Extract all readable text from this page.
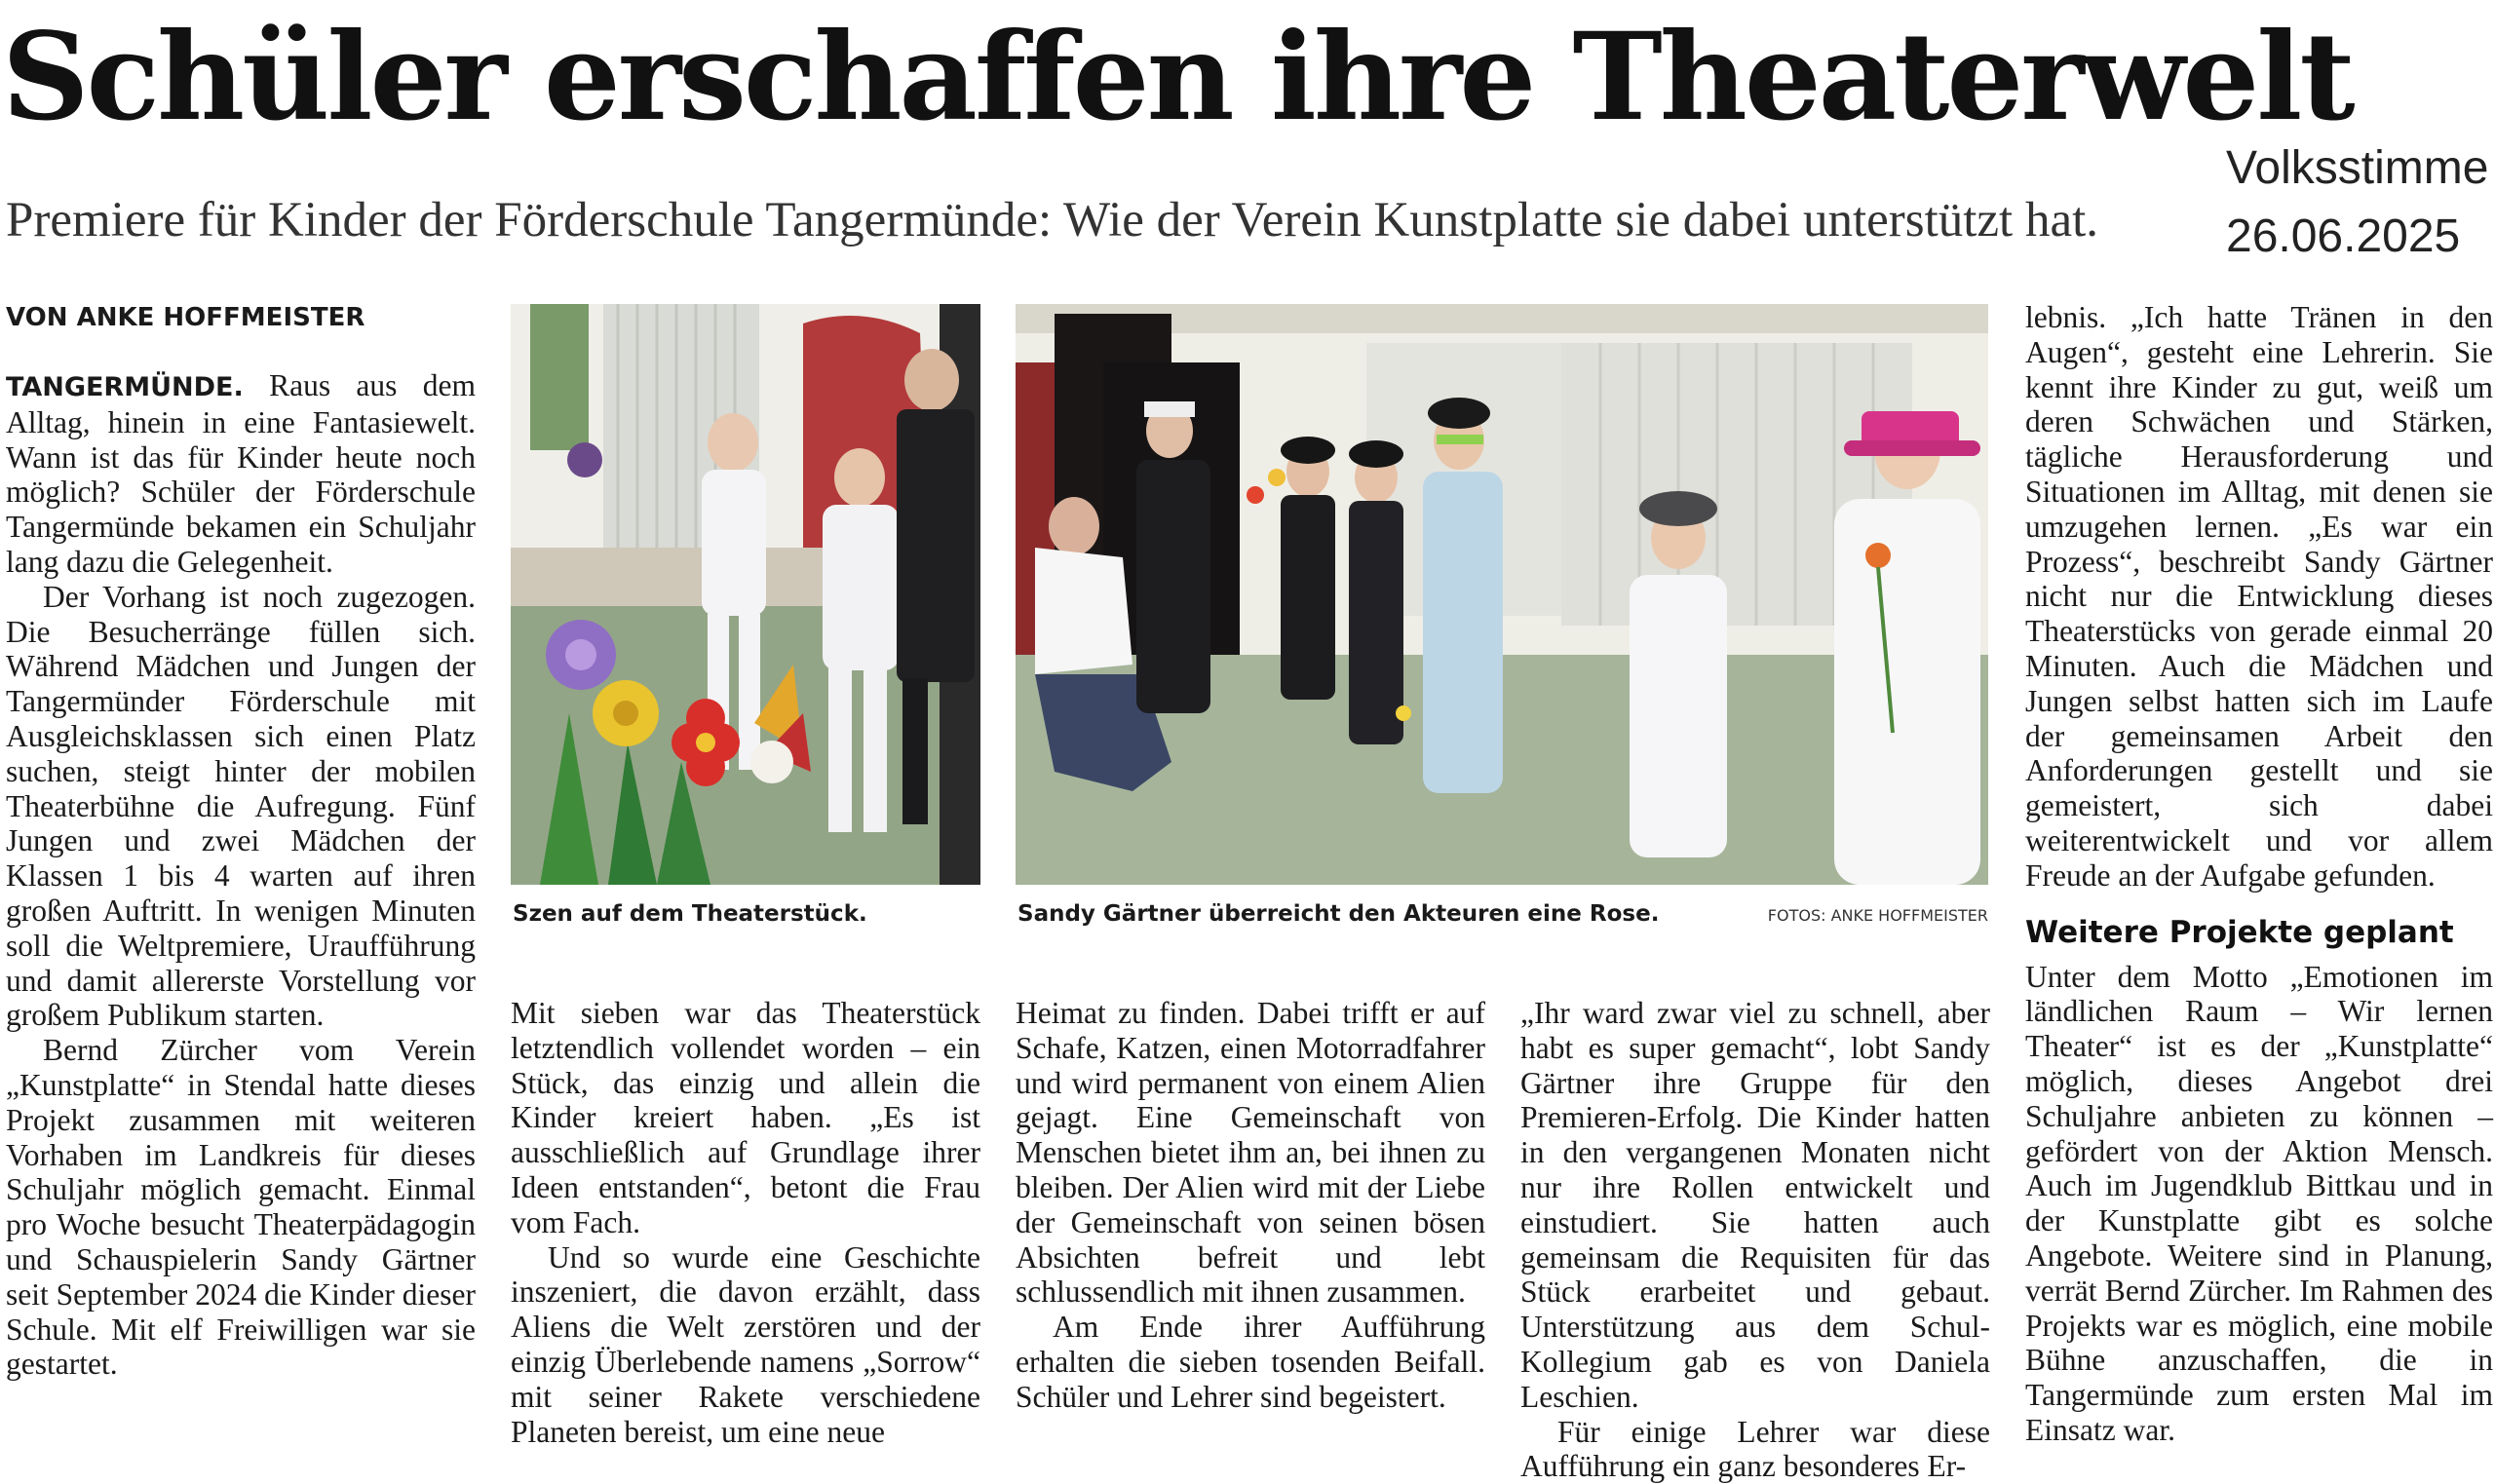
Schüler erschaffen ihre Theaterwelt
Premiere für Kinder der Förderschule Tangermünde: Wie der Verein Kunstplatte sie dabei unterstützt hat.
Volksstimme
26.06.2025
VON ANKE HOFFMEISTER

TANGERMÜNDE. Raus aus dem Alltag, hinein in eine Fantasiewelt. Wann ist das für Kinder heute noch möglich? Schüler der Förderschule Tangermünde bekamen ein Schuljahr lang dazu die Gelegenheit.

Der Vorhang ist noch zugezogen. Die Besucherränge füllen sich. Während Mädchen und Jungen der Tangermünder Förderschule mit Ausgleichsklassen sich einen Platz suchen, steigt hinter der mobilen Theaterbühne die Aufregung. Fünf Jungen und zwei Mädchen der Klassen 1 bis 4 warten auf ihren großen Auftritt. In wenigen Minuten soll die Weltpremiere, Uraufführung und damit allererste Vorstellung vor großem Publikum starten.

Bernd Zürcher vom Verein „Kunstplatte“ in Stendal hatte dieses Projekt zusammen mit weiteren Vorhaben im Landkreis für dieses Schuljahr möglich gemacht. Einmal pro Woche besucht Theaterpädagogin und Schauspielerin Sandy Gärtner seit September 2024 die Kinder dieser Schule. Mit elf Freiwilligen war sie gestartet.

Szen auf dem Theaterstück.	Sandy Gärtner überreicht den Akteuren eine Rose.	FOTOS: ANKE HOFFMEISTER

Mit sieben war das Theaterstück letztendlich vollendet worden – ein Stück, das einzig und allein die Kinder kreiert haben. „Es ist ausschließlich auf Grundlage ihrer Ideen entstanden“, betont die Frau vom Fach.

Und so wurde eine Geschichte inszeniert, die davon erzählt, dass Aliens die Welt zerstören und der einzig Überlebende namens „Sorrow“ mit seiner Rakete verschiedene Planeten bereist, um eine neue

Heimat zu finden. Dabei trifft er auf Schafe, Katzen, einen Motorradfahrer und wird permanent von einem Alien gejagt. Eine Gemeinschaft von Menschen bietet ihm an, bei ihnen zu bleiben. Der Alien wird mit der Liebe der Gemeinschaft von seinen bösen Absichten befreit und lebt schlussendlich mit ihnen zusammen.

Am Ende ihrer Aufführung erhalten die sieben tosenden Beifall. Schüler und Lehrer sind begeistert.

„Ihr ward zwar viel zu schnell, aber habt es super gemacht“, lobt Sandy Gärtner ihre Gruppe für den Premieren-Erfolg. Die Kinder hatten in den vergangenen Monaten nicht nur ihre Rollen entwickelt und einstudiert. Sie hatten auch gemeinsam die Requisiten für das Stück erarbeitet und gebaut. Unterstützung aus dem Schul-Kollegium gab es von Daniela Leschien.

Für einige Lehrer war diese Aufführung ein ganz besonderes Er-

lebnis. „Ich hatte Tränen in den Augen“, gesteht eine Lehrerin. Sie kennt ihre Kinder zu gut, weiß um deren Schwächen und Stärken, tägliche Herausforderung und Situationen im Alltag, mit denen sie umzugehen lernen. „Es war ein Prozess“, beschreibt Sandy Gärtner nicht nur die Entwicklung dieses Theaterstücks von gerade einmal 20 Minuten. Auch die Mädchen und Jungen selbst hatten sich im Laufe der gemeinsamen Arbeit den Anforderungen gestellt und sie gemeistert, sich dabei weiterentwickelt und vor allem Freude an der Aufgabe gefunden.

Weitere Projekte geplant

Unter dem Motto „Emotionen im ländlichen Raum – Wir lernen Theater“ ist es der „Kunstplatte“ möglich, dieses Angebot drei Schuljahre anbieten zu können – gefördert von der Aktion Mensch. Auch im Jugendklub Bittkau und in der Kunstplatte gibt es solche Angebote. Weitere sind in Planung, verrät Bernd Zürcher. Im Rahmen des Projekts war es möglich, eine mobile Bühne anzuschaffen, die in Tangermünde zum ersten Mal im Einsatz war.
